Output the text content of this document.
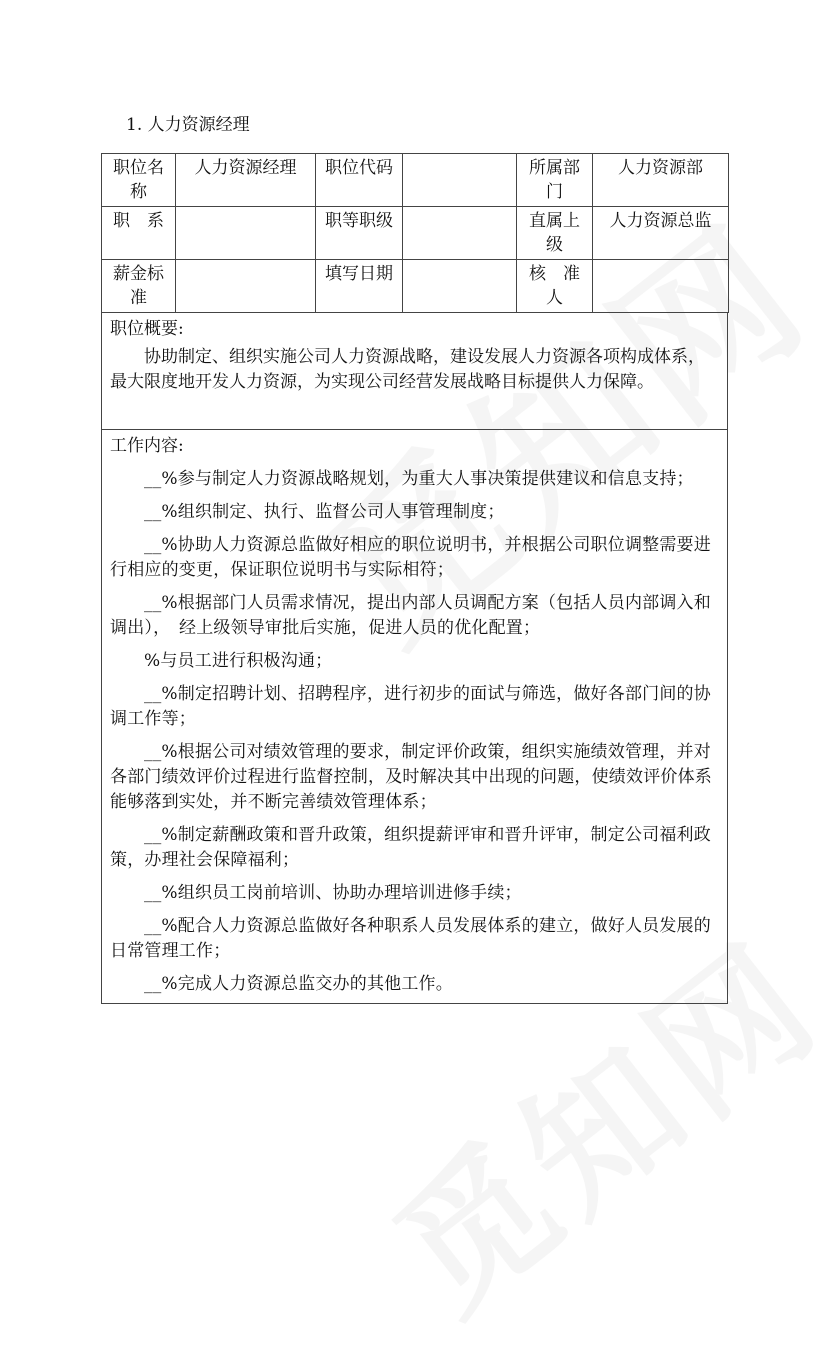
1. 人力资源经理
职位名称	人力资源经理	职位代码		所属部门	人力资源部
职　系		职等职级		直属上级	人力资源总监
薪金标准		填写日期		核　准　人	
职位概要:
协助制定、组织实施公司人力资源战略，建设发展人力资源各项构成体系，最大限度地开发人力资源，为实现公司经营发展战略目标提供人力保障。
工作内容:
__%参与制定人力资源战略规划，为重大人事决策提供建议和信息支持；
__%组织制定、执行、监督公司人事管理制度；
__%协助人力资源总监做好相应的职位说明书，并根据公司职位调整需要进行相应的变更，保证职位说明书与实际相符；
__%根据部门人员需求情况，提出内部人员调配方案（包括人员内部调入和调出），　经上级领导审批后实施，促进人员的优化配置；
%与员工进行积极沟通；
__%制定招聘计划、招聘程序，进行初步的面试与筛选，做好各部门间的协调工作等；
__%根据公司对绩效管理的要求，制定评价政策，组织实施绩效管理，并对各部门绩效评价过程进行监督控制，及时解决其中出现的问题，使绩效评价体系能够落到实处，并不断完善绩效管理体系；
__%制定薪酬政策和晋升政策，组织提薪评审和晋升评审，制定公司福利政策，办理社会保障福利；
__%组织员工岗前培训、协助办理培训进修手续；
__%配合人力资源总监做好各种职系人员发展体系的建立，做好人员发展的日常管理工作；
__%完成人力资源总监交办的其他工作。
